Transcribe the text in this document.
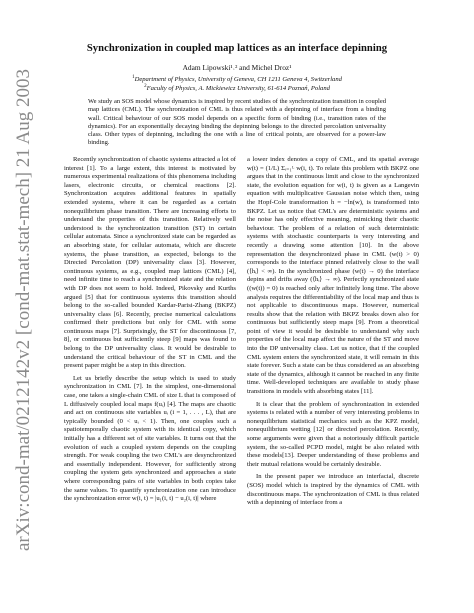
arXiv:cond-mat/0212142v2 [cond-mat.stat-mech] 21 Aug 2003
Synchronization in coupled map lattices as an interface depinning
Adam Lipowski¹˒² and Michel Droz¹
$^1$Department of Physics, University of Geneva, CH 1211 Geneva 4, Switzerland
$^2$Faculty of Physics, A. Mickiewicz University, 61-614 Poznań, Poland
We study an SOS model whose dynamics is inspired by recent studies of the synchronization transition in coupled map lattices (CML). The synchronization of CML is thus related with a depinning of interface from a binding wall. Critical behaviour of our SOS model depends on a specific form of binding (i.e., transition rates of the dynamics). For an exponentially decaying binding the depinning belongs to the directed percolation universality class. Other types of depinning, including the one with a line of critical points, are observed for a power-law binding.

Recently synchronization of chaotic systems attracted a lot of interest [1]. To a large extent, this interest is motivated by numerous experimental realizations of this phenomena including lasers, electronic circuits, or chemical reactions [2]. Synchronization acquires additional features in spatially extended systems, where it can be regarded as a certain nonequilibrium phase transition. There are increasing efforts to understand the properties of this transition. Relatively well understood is the synchronization transition (ST) in certain cellular automata. Since a synchronized state can be regarded as an absorbing state, for cellular automata, which are discrete systems, the phase transition, as expected, belongs to the Directed Percolation (DP) universality class [3]. However, continuous systems, as e.g., coupled map lattices (CML) [4], need infinite time to reach a synchronized state and the relation with DP does not seem to hold. Indeed, Pikovsky and Kurths argued [5] that for continuous systems this transition should belong to the so-called bounded Kardar-Parisi-Zhang (BKPZ) universality class [6]. Recently, precise numerical calculations confirmed their predictions but only for CML with some continuous maps [7]. Surprisingly, the ST for discontinuous [7, 8], or continuous but sufficiently steep [9] maps was found to belong to the DP universality class. It would be desirable to understand the critical behaviour of the ST in CML and the present paper might be a step in this direction.

Let us briefly describe the setup which is used to study synchronization in CML [7]. In the simplest, one-dimensional case, one takes a single-chain CML of size L that is composed of L diffusively coupled local maps f(uᵢ) [4]. The maps are chaotic and act on continuous site variables uᵢ (i = 1, . . . , L), that are typically bounded (0 < uᵢ < 1). Then, one couples such a spatiotemporally chaotic system with its identical copy, which initially has a different set of site variables. It turns out that the evolution of such a coupled system depends on the coupling strength. For weak coupling the two CML's are desynchronized and essentially independent. However, for sufficiently strong coupling the system gets synchronized and approaches a state where corresponding pairs of site variables in both copies take the same values. To quantify synchronization one can introduce the synchronization error w(i, t) = |u₁(i, t) − u₂(i, t)| where

a lower index denotes a copy of CML, and its spatial average w(t) = (1/L) Σᵢ₌₁ᴸ w(i, t). To relate this problem with BKPZ one argues that in the continuous limit and close to the synchronized state, the evolution equation for w(i, t) is given as a Langevin equation with multiplicative Gaussian noise which then, using the Hopf-Cole transformation h = −ln(w), is transformed into BKPZ. Let us notice that CML's are deterministic systems and the noise has only effective meaning, mimicking their chaotic behaviour. The problem of a relation of such deterministic systems with stochastic counterparts is very interesting and recently a drawing some attention [10]. In the above representation the desynchronized phase in CML (w(t) > 0) corresponds to the interface pinned relatively close to the wall (⟨hᵢ⟩ < ∞). In the synchronized phase (w(t) → 0) the interface depins and drifts away (⟨hᵢ⟩ → ∞). Perfectly synchronized state ((w(t)) = 0) is reached only after infinitely long time. The above analysis requires the differentiability of the local map and thus is not applicable to discontinuous maps. However, numerical results show that the relation with BKPZ breaks down also for continuous but sufficiently steep maps [9]. From a theoretical point of view it would be desirable to understand why such properties of the local map affect the nature of the ST and move into the DP universality class. Let us notice, that if the coupled CML system enters the synchronized state, it will remain in this state forever. Such a state can be thus considered as an absorbing state of the dynamics, although it cannot be reached in any finite time. Well-developed techniques are available to study phase transitions in models with absorbing states [11].

It is clear that the problem of synchronization in extended systems is related with a number of very interesting problems in nonequilibrium statistical mechanics such as the KPZ model, nonequilibrium wetting [12] or directed percolation. Recently, some arguments were given that a notoriously difficult particle system, the so-called PCPD model, might be also related with these models[13]. Deeper understanding of these problems and their mutual relations would be certainly desirable.

In the present paper we introduce an interfacial, discrete (SOS) model which is inspired by the dynamics of CML with discontinuous maps. The synchronization of CML is thus related with a depinning of interface from a
